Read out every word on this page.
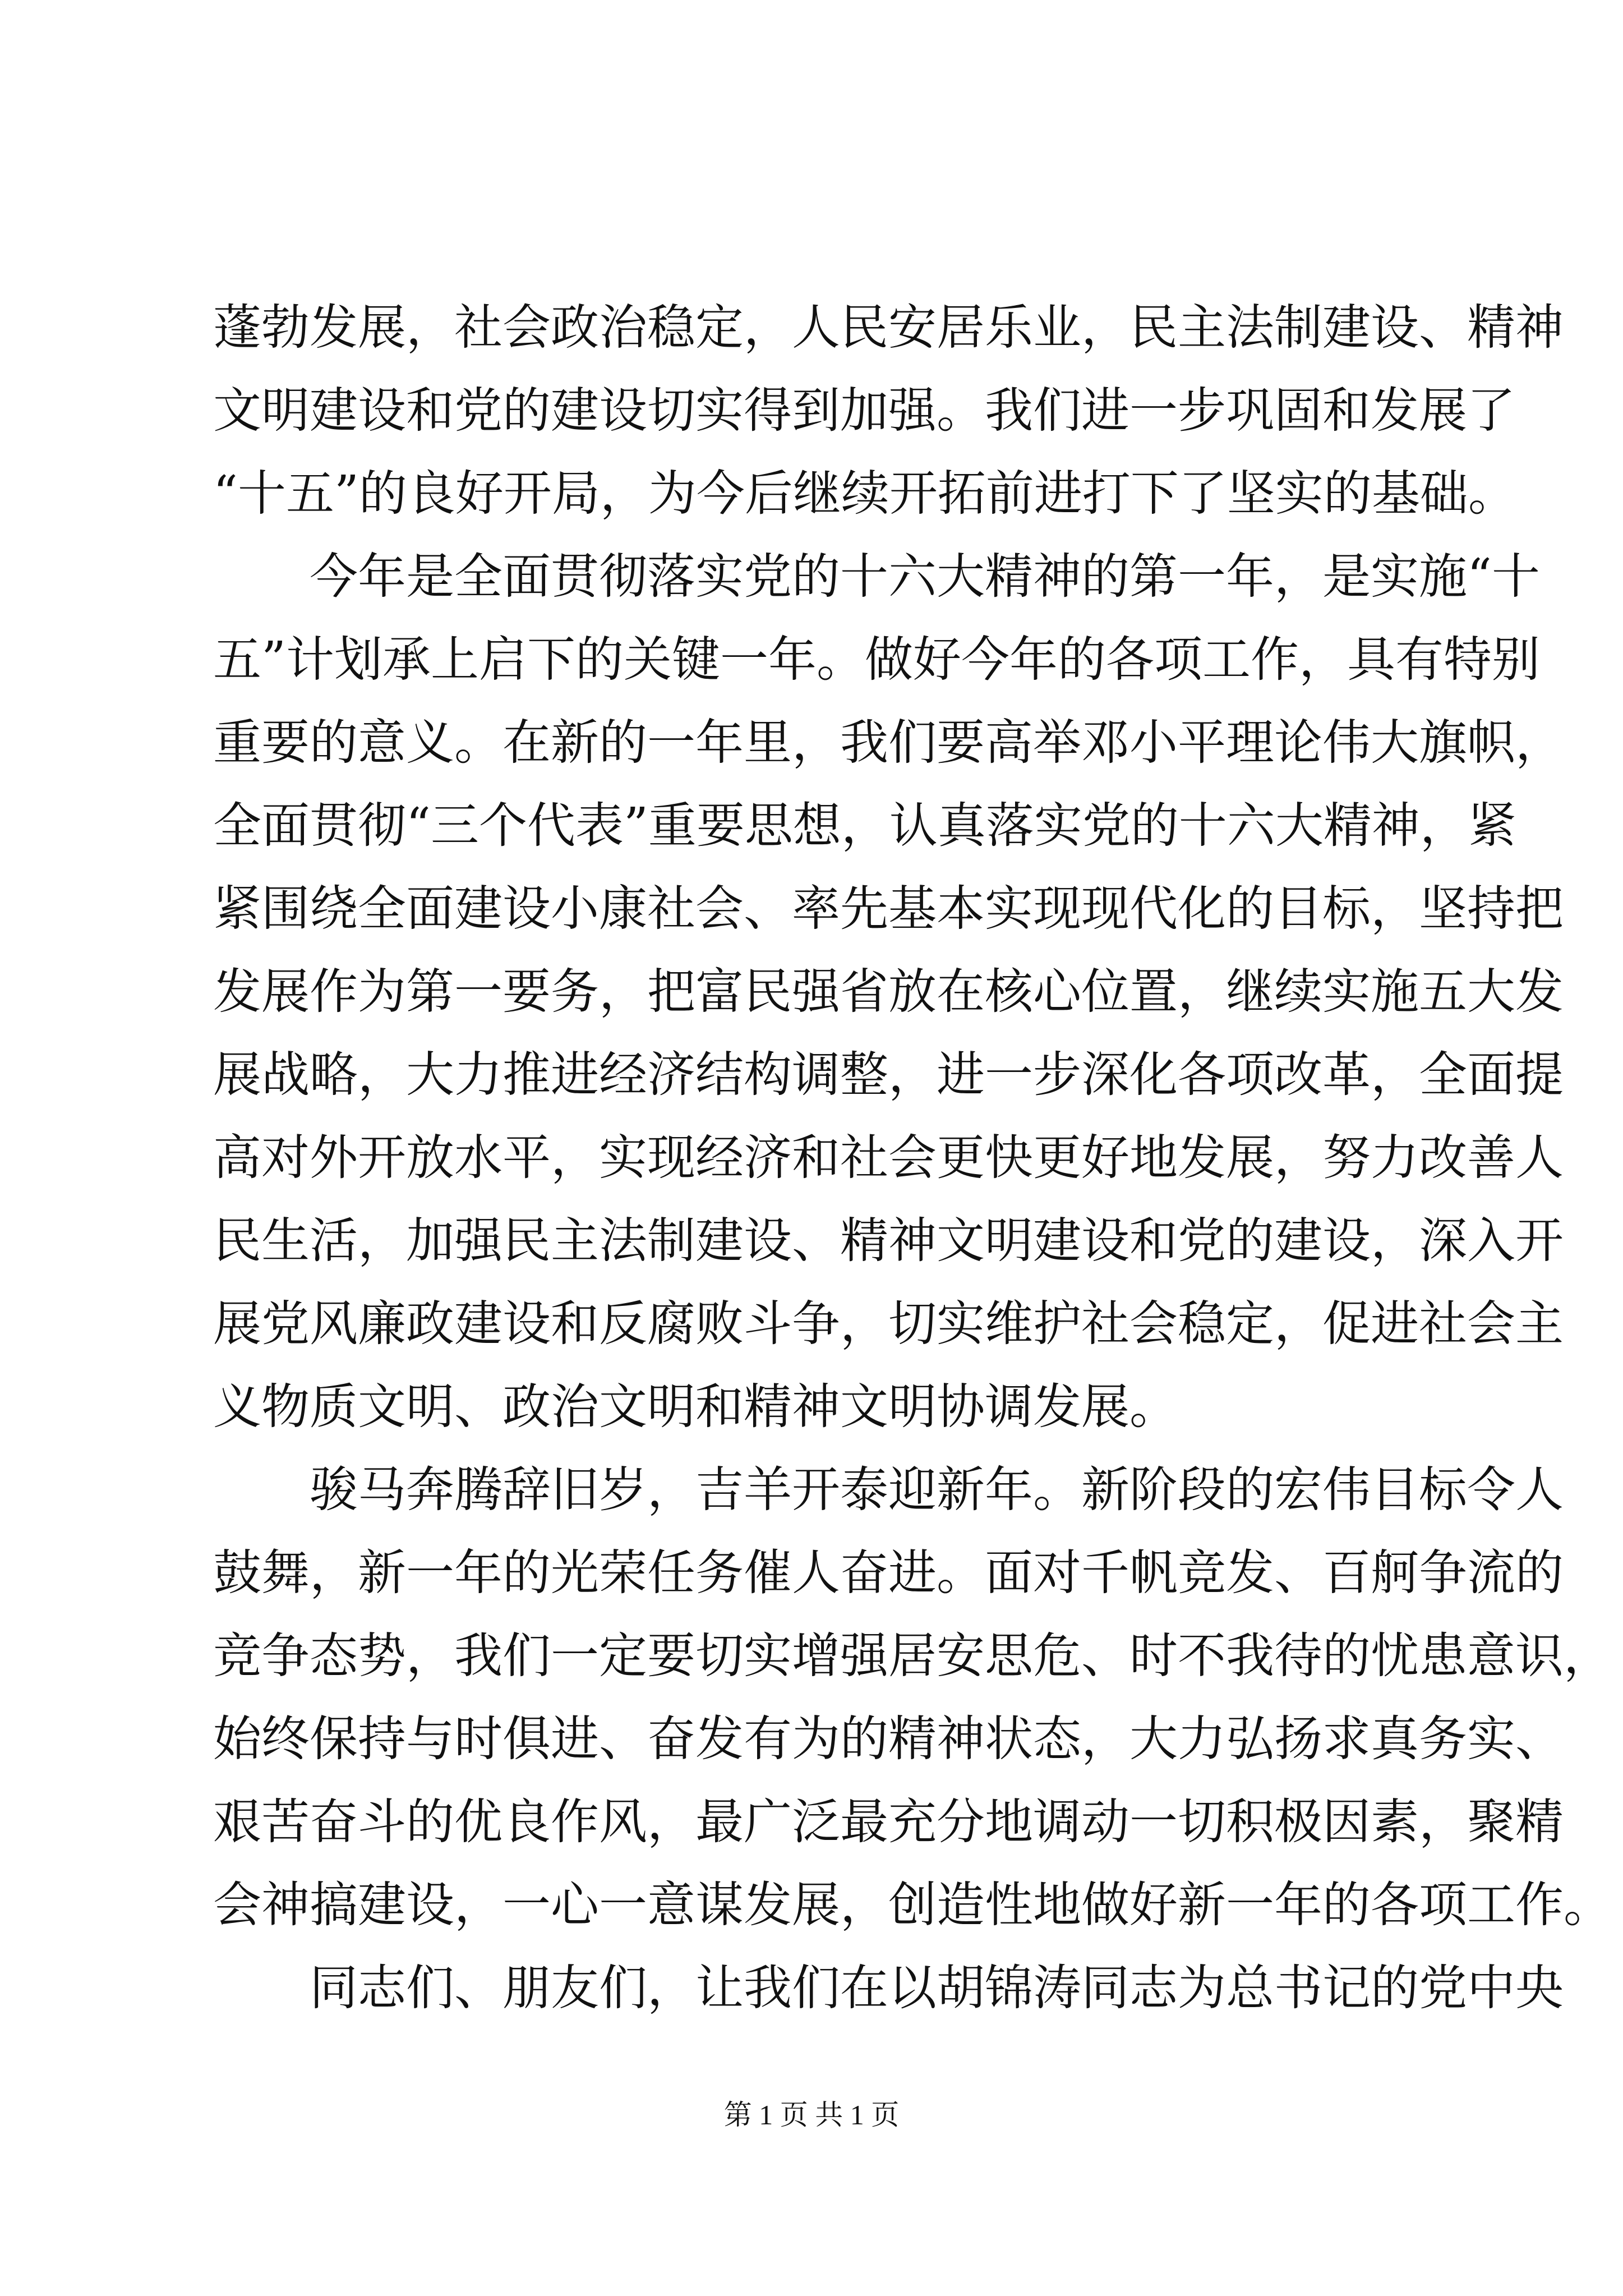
蓬勃发展，社会政治稳定，人民安居乐业，民主法制建设、精神
文明建设和党的建设切实得到加强。我们进一步巩固和发展了
“十五”的良好开局，为今后继续开拓前进打下了坚实的基础。
今年是全面贯彻落实党的十六大精神的第一年，是实施“十
五”计划承上启下的关键一年。做好今年的各项工作，具有特别
重要的意义。在新的一年里，我们要高举邓小平理论伟大旗帜，
全面贯彻“三个代表”重要思想，认真落实党的十六大精神，紧
紧围绕全面建设小康社会、率先基本实现现代化的目标，坚持把
发展作为第一要务，把富民强省放在核心位置，继续实施五大发
展战略，大力推进经济结构调整，进一步深化各项改革，全面提
高对外开放水平，实现经济和社会更快更好地发展，努力改善人
民生活，加强民主法制建设、精神文明建设和党的建设，深入开
展党风廉政建设和反腐败斗争，切实维护社会稳定，促进社会主
义物质文明、政治文明和精神文明协调发展。
骏马奔腾辞旧岁，吉羊开泰迎新年。新阶段的宏伟目标令人
鼓舞，新一年的光荣任务催人奋进。面对千帆竞发、百舸争流的
竞争态势，我们一定要切实增强居安思危、时不我待的忧患意识，
始终保持与时俱进、奋发有为的精神状态，大力弘扬求真务实、
艰苦奋斗的优良作风，最广泛最充分地调动一切积极因素，聚精
会神搞建设，一心一意谋发展，创造性地做好新一年的各项工作。
同志们、朋友们，让我们在以胡锦涛同志为总书记的党中央
第 1 页 共 1 页
